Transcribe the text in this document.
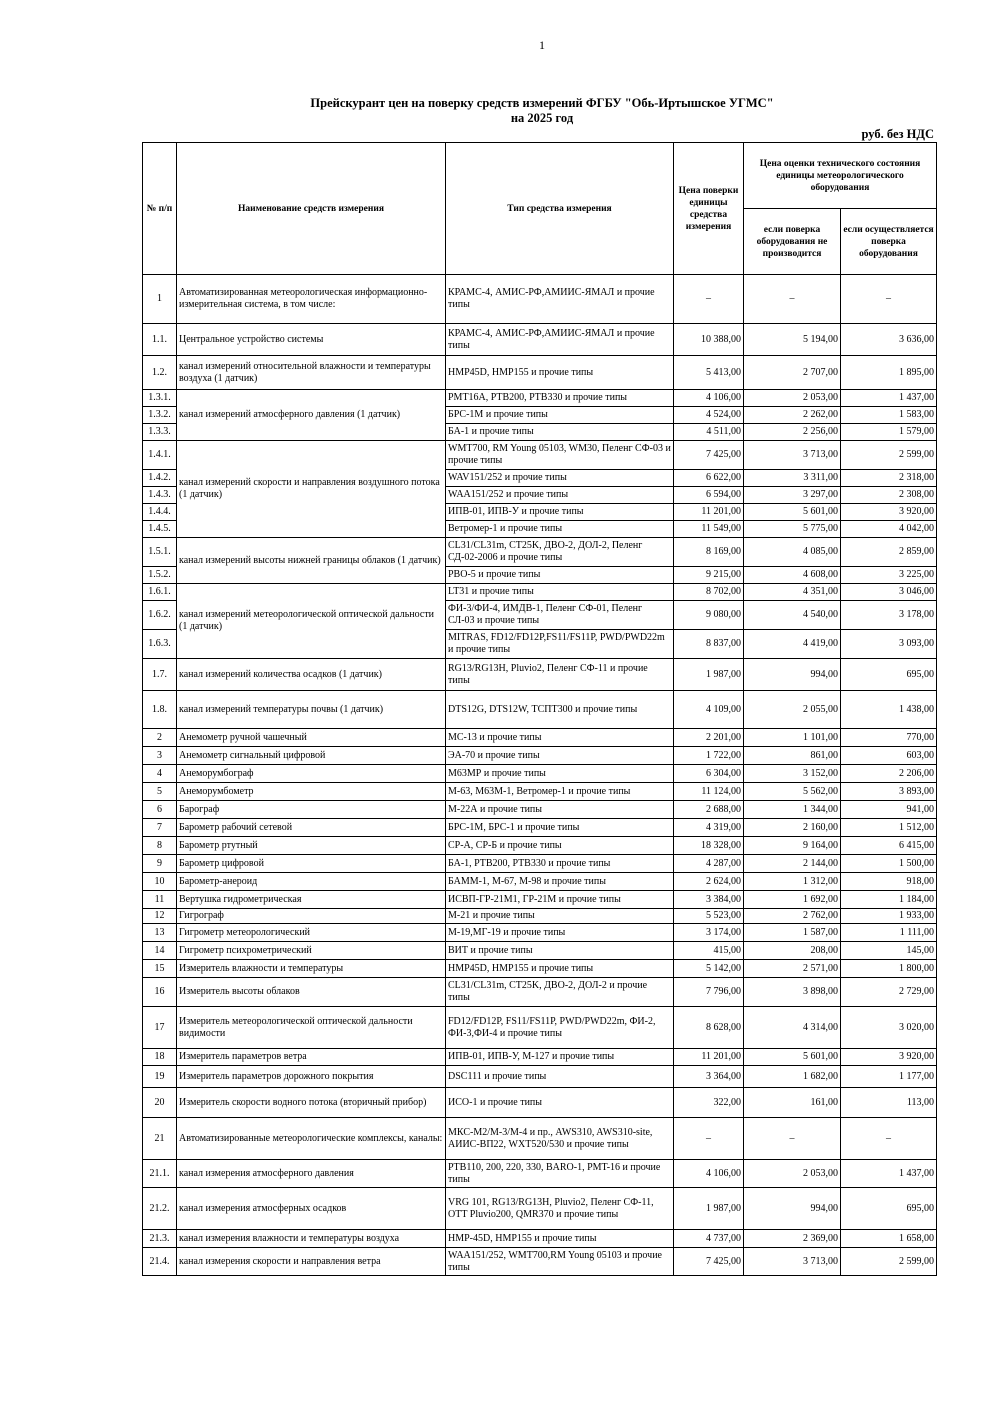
1
Прейскурант цен на поверку средств измерений ФГБУ "Обь-Иртышское УГМС"
на 2025 год
руб. без НДС
№ п/п	Наименование средств измерения	Тип средства измерения	Цена поверки единицы средства измерения	Цена оценки технического состояния единицы метеорологического оборудования	
				если поверка оборудования не производится	если осуществляется поверка оборудования
1	Автоматизированная метеорологическая информационно-измерительная система, в том числе:	КРАМС-4, АМИС-РФ,АМИИС-ЯМАЛ и прочие типы	–	–	–
1.1.	Центральное устройство системы	КРАМС-4, АМИС-РФ,АМИИС-ЯМАЛ и прочие типы	10 388,00	5 194,00	3 636,00
1.2.	канал измерений относительной влажности и температуры воздуха (1 датчик)	HMP45D, HMP155 и прочие типы	5 413,00	2 707,00	1 895,00
1.3.1.	канал измерений атмосферного давления (1 датчик)	PMT16A, PTB200, PTB330 и прочие типы	4 106,00	2 053,00	1 437,00
1.3.2.		БРС-1М и прочие типы	4 524,00	2 262,00	1 583,00
1.3.3.		БА-1 и прочие типы	4 511,00	2 256,00	1 579,00
1.4.1.	канал измерений скорости и направления воздушного потока (1 датчик)	WMT700, RM Young 05103, WM30, Пеленг СФ-03 и прочие типы	7 425,00	3 713,00	2 599,00
1.4.2.		WAV151/252 и прочие типы	6 622,00	3 311,00	2 318,00
1.4.3.		WAA151/252 и прочие типы	6 594,00	3 297,00	2 308,00
1.4.4.		ИПВ-01, ИПВ-У и прочие типы	11 201,00	5 601,00	3 920,00
1.4.5.		Ветромер-1 и прочие типы	11 549,00	5 775,00	4 042,00
1.5.1.	канал измерений высоты нижней границы облаков (1 датчик)	CL31/CL31m, CT25K, ДВО-2, ДОЛ-2, Пеленг СД-02-2006 и прочие типы	8 169,00	4 085,00	2 859,00
1.5.2.		РВО-5 и прочие типы	9 215,00	4 608,00	3 225,00
1.6.1.	канал измерений метеорологической оптической дальности (1 датчик)	LT31 и прочие типы	8 702,00	4 351,00	3 046,00
1.6.2.		ФИ-3/ФИ-4, ИМДВ-1, Пеленг СФ-01, Пеленг СЛ-03 и прочие типы	9 080,00	4 540,00	3 178,00
1.6.3.		MITRAS, FD12/FD12P,FS11/FS11P, PWD/PWD22m и прочие типы	8 837,00	4 419,00	3 093,00
1.7.	канал измерений количества осадков (1 датчик)	RG13/RG13H, Pluvio2, Пеленг СФ-11 и прочие типы	1 987,00	994,00	695,00
1.8.	канал измерений температуры почвы (1 датчик)	DTS12G, DTS12W, ТСПТ300 и прочие типы	4 109,00	2 055,00	1 438,00
2	Анемометр ручной чашечный	МС-13 и прочие типы	2 201,00	1 101,00	770,00
3	Анемометр сигнальный цифровой	ЭА-70 и прочие типы	1 722,00	861,00	603,00
4	Анеморумбограф	М63МР и прочие типы	6 304,00	3 152,00	2 206,00
5	Анеморумбометр	М-63, М63М-1, Ветромер-1 и прочие типы	11 124,00	5 562,00	3 893,00
6	Барограф	М-22А и прочие типы	2 688,00	1 344,00	941,00
7	Барометр рабочий сетевой	БРС-1М, БРС-1 и прочие типы	4 319,00	2 160,00	1 512,00
8	Барометр ртутный	СР-А, СР-Б и прочие типы	18 328,00	9 164,00	6 415,00
9	Барометр цифровой	БА-1, PTB200, PTB330 и прочие типы	4 287,00	2 144,00	1 500,00
10	Барометр-анероид	БАММ-1, М-67, М-98 и прочие типы	2 624,00	1 312,00	918,00
11	Вертушка гидрометрическая	ИСВП-ГР-21М1, ГР-21М и прочие типы	3 384,00	1 692,00	1 184,00
12	Гигрограф	М-21 и прочие типы	5 523,00	2 762,00	1 933,00
13	Гигрометр метеорологический	М-19,МГ-19 и прочие типы	3 174,00	1 587,00	1 111,00
14	Гигрометр психрометрический	ВИТ и прочие типы	415,00	208,00	145,00
15	Измеритель влажности и температуры	HMP45D, HMP155 и прочие типы	5 142,00	2 571,00	1 800,00
16	Измеритель высоты облаков	CL31/CL31m, CT25K, ДВО-2, ДОЛ-2 и прочие типы	7 796,00	3 898,00	2 729,00
17	Измеритель метеорологической оптической дальности видимости	FD12/FD12P, FS11/FS11P, PWD/PWD22m, ФИ-2, ФИ-3,ФИ-4 и прочие типы	8 628,00	4 314,00	3 020,00
18	Измеритель параметров ветра	ИПВ-01, ИПВ-У, М-127 и прочие типы	11 201,00	5 601,00	3 920,00
19	Измеритель параметров дорожного покрытия	DSC111 и прочие типы	3 364,00	1 682,00	1 177,00
20	Измеритель скорости водного потока (вторичный прибор)	ИСО-1 и прочие типы	322,00	161,00	113,00
21	Автоматизированные метеорологические комплексы, каналы:	МКС-М2/М-3/М-4 и пр., AWS310, AWS310-site, АИИС-ВП22, WXT520/530 и прочие типы	–	–	–
21.1.	канал измерения атмосферного давления	PTB110, 200, 220, 330, BARO-1, PMT-16 и прочие типы	4 106,00	2 053,00	1 437,00
21.2.	канал измерения атмосферных осадков	VRG 101, RG13/RG13H, Pluvio2, Пеленг СФ-11, OTT Pluvio200, QMR370 и прочие типы	1 987,00	994,00	695,00
21.3.	канал измерения влажности и температуры воздуха	HMP-45D, HMP155 и прочие типы	4 737,00	2 369,00	1 658,00
21.4.	канал измерения скорости и направления ветра	WAA151/252, WMT700,RM Young 05103 и прочие типы	7 425,00	3 713,00	2 599,00
